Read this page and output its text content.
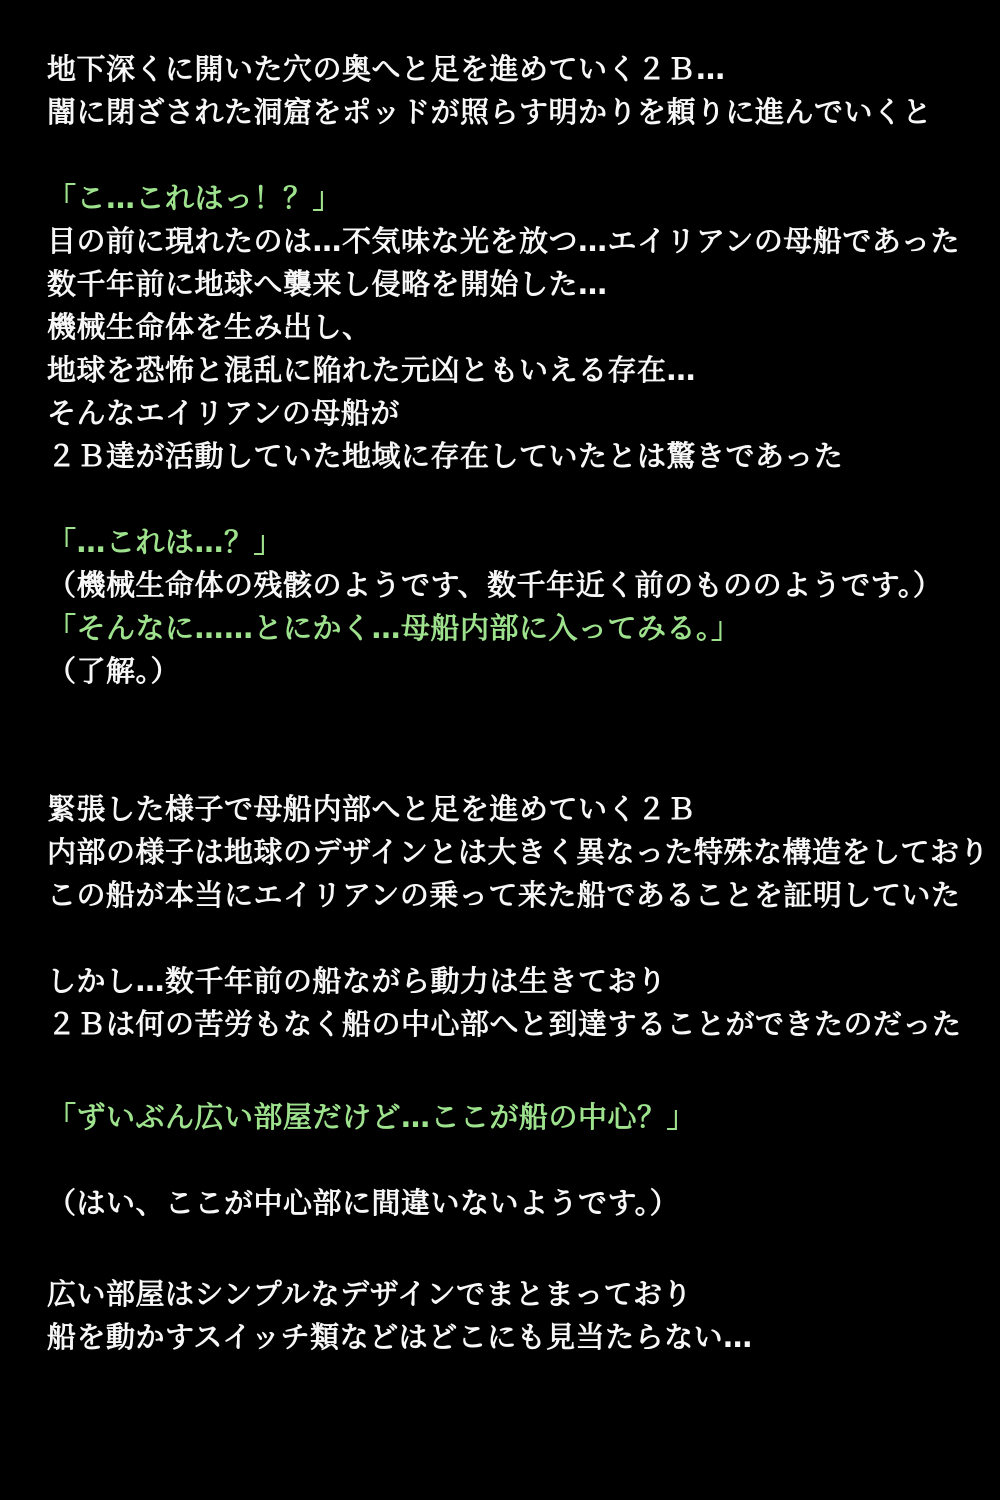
地下深くに開いた穴の奥へと足を進めていく２Ｂ…
闇に閉ざされた洞窟をポッドが照らす明かりを頼りに進んでいくと
「こ…これはっ！？」
目の前に現れたのは…不気味な光を放つ…エイリアンの母船であった
数千年前に地球へ襲来し侵略を開始した…
機械生命体を生み出し、
地球を恐怖と混乱に陥れた元凶ともいえる存在…
そんなエイリアンの母船が
２Ｂ達が活動していた地域に存在していたとは驚きであった
「…これは…？」
（機械生命体の残骸のようです、数千年近く前のもののようです。）
「そんなに……とにかく…母船内部に入ってみる。」
（了解。）
緊張した様子で母船内部へと足を進めていく２Ｂ
内部の様子は地球のデザインとは大きく異なった特殊な構造をしており
この船が本当にエイリアンの乗って来た船であることを証明していた
しかし…数千年前の船ながら動力は生きており
２Ｂは何の苦労もなく船の中心部へと到達することができたのだった
「ずいぶん広い部屋だけど…ここが船の中心？」
（はい、ここが中心部に間違いないようです。）
広い部屋はシンプルなデザインでまとまっており
船を動かすスイッチ類などはどこにも見当たらない…
